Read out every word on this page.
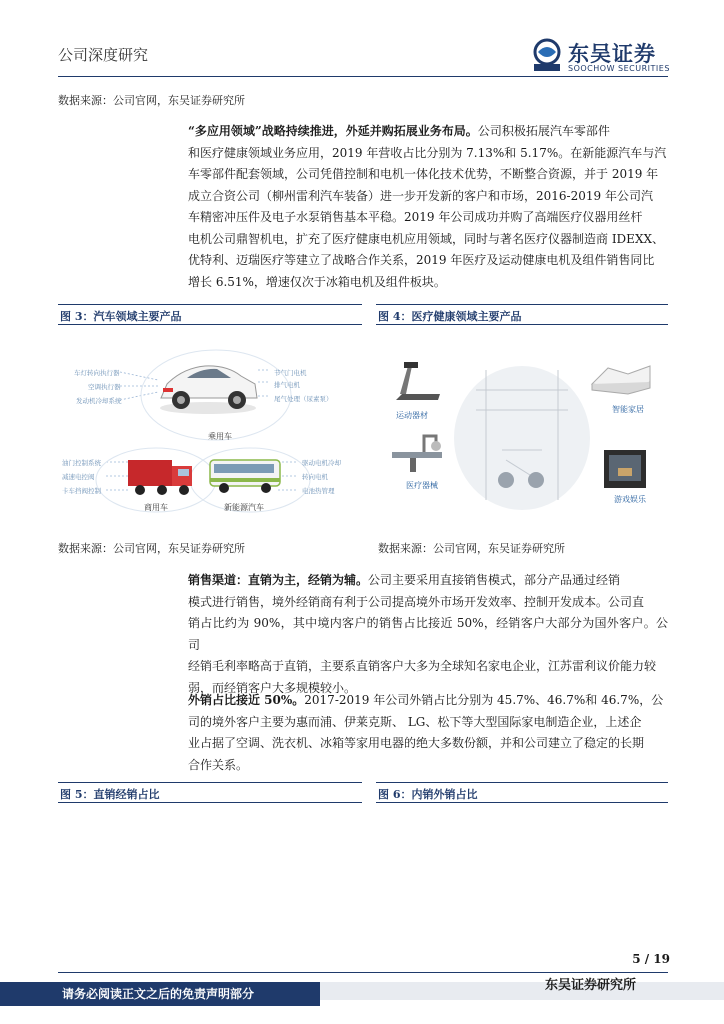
公司深度研究	东吴证券
SOOCHOW SECURITIES
数据来源：公司官网，东吴证券研究所
“多应用领域”战略持续推进，外延并购拓展业务布局。公司积极拓展汽车零部件
和医疗健康领域业务应用，2019 年营收占比分别为 7.13%和 5.17%。在新能源汽车与汽
车零部件配套领域，公司凭借控制和电机一体化技术优势，不断整合资源，并于 2019 年
成立合资公司（柳州雷利汽车装备）进一步开发新的客户和市场，2016-2019 年公司汽
车精密冲压件及电子水泵销售基本平稳。2019 年公司成功并购了高端医疗仪器用丝杆
电机公司鼎智机电，扩充了医疗健康电机应用领域，同时与著名医疗仪器制造商 IDEXX、
优特利、迈瑞医疗等建立了战略合作关系，2019 年医疗及运动健康电机及组件销售同比
增长 6.51%，增速仅次于冰箱电机及组件板块。
图 3：汽车领域主要产品	图 4：医疗健康领域主要产品
车灯转向执行器
空调执行器
发动机冷却系统
节气门电机
排气电机
尾气处理（尿素泵）
乘用车
油门控制系统
减速电控阀
卡车挡阀控制
商用车
驱动电机冷却
转向电机
电池热管理
新能源汽车
运动器材
智能家居
医疗器械
游戏娱乐
数据来源：公司官网，东吴证券研究所	数据来源：公司官网，东吴证券研究所
销售渠道：直销为主，经销为辅。公司主要采用直接销售模式，部分产品通过经销
模式进行销售，境外经销商有利于公司提高境外市场开发效率、控制开发成本。公司直
销占比约为 90%，其中境内客户的销售占比接近 50%，经销客户大部分为国外客户。公司
经销毛利率略高于直销，主要系直销客户大多为全球知名家电企业，江苏雷利议价能力较
弱，而经销客户大多规模较小。
外销占比接近 50%。2017-2019 年公司外销占比分别为 45.7%、46.7%和 46.7%，公
司的境外客户主要为惠而浦、伊莱克斯、 LG、松下等大型国际家电制造企业，上述企
业占据了空调、洗衣机、冰箱等家用电器的绝大多数份额，并和公司建立了稳定的长期
合作关系。
图 5：直销经销占比	图 6：内销外销占比
5 / 19
请务必阅读正文之后的免责声明部分
东吴证券研究所
